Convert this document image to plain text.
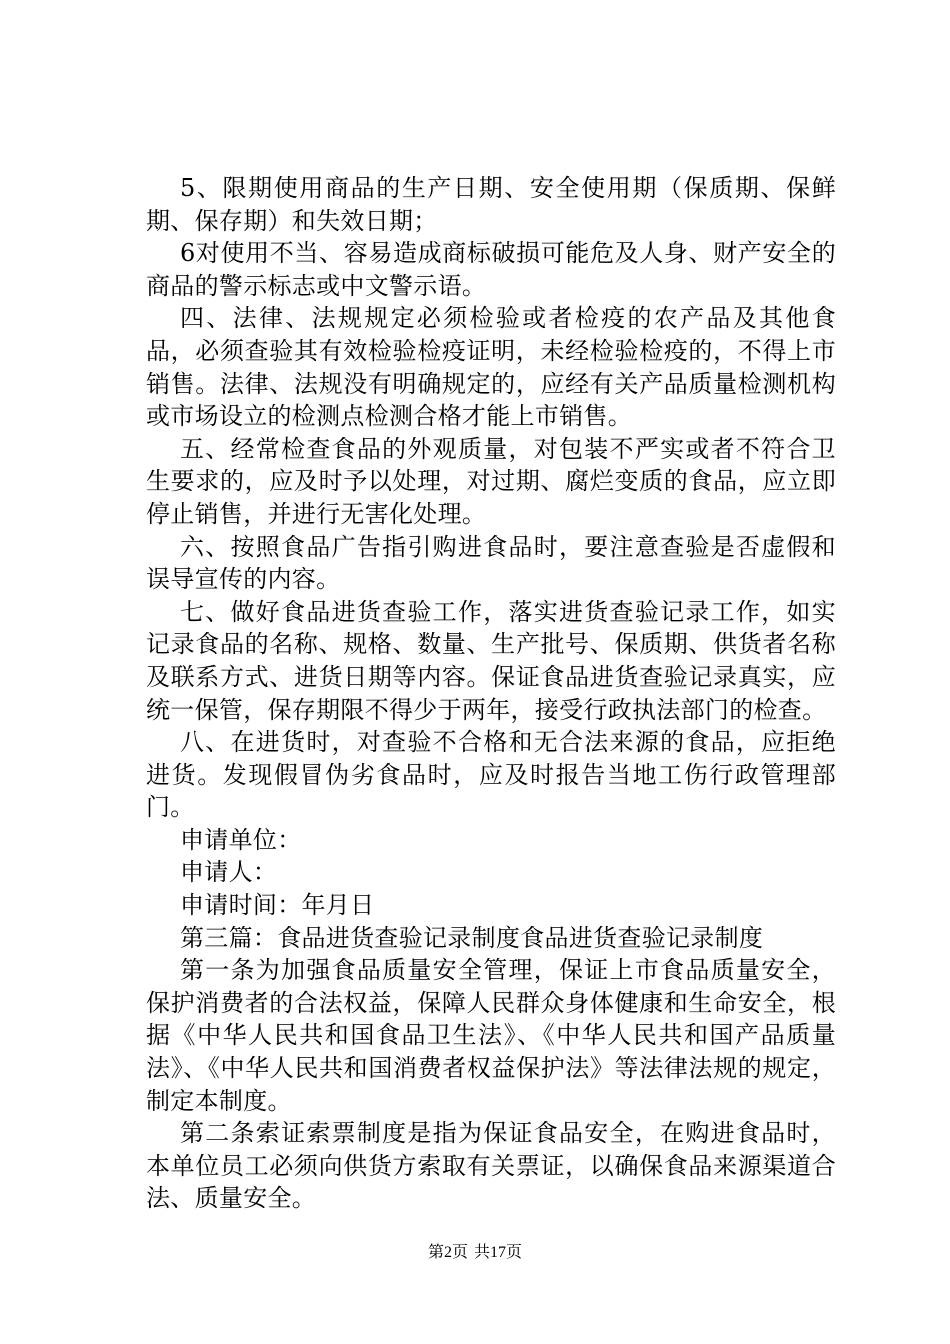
5、限期使用商品的生产日期、安全使用期（保质期、保鲜期、保存期）和失效日期；

6对使用不当、容易造成商标破损可能危及人身、财产安全的商品的警示标志或中文警示语。

四、法律、法规规定必须检验或者检疫的农产品及其他食品，必须查验其有效检验检疫证明，未经检验检疫的，不得上市销售。法律、法规没有明确规定的，应经有关产品质量检测机构或市场设立的检测点检测合格才能上市销售。

五、经常检查食品的外观质量，对包装不严实或者不符合卫生要求的，应及时予以处理，对过期、腐烂变质的食品，应立即停止销售，并进行无害化处理。

六、按照食品广告指引购进食品时，要注意查验是否虚假和误导宣传的内容。

七、做好食品进货查验工作，落实进货查验记录工作，如实记录食品的名称、规格、数量、生产批号、保质期、供货者名称及联系方式、进货日期等内容。保证食品进货查验记录真实，应统一保管，保存期限不得少于两年，接受行政执法部门的检查。

八、在进货时，对查验不合格和无合法来源的食品，应拒绝进货。发现假冒伪劣食品时，应及时报告当地工伤行政管理部门。

申请单位：

申请人：

申请时间：年月日

第三篇：食品进货查验记录制度食品进货查验记录制度

第一条为加强食品质量安全管理，保证上市食品质量安全，保护消费者的合法权益，保障人民群众身体健康和生命安全，根据《中华人民共和国食品卫生法》、《中华人民共和国产品质量法》、《中华人民共和国消费者权益保护法》等法律法规的规定，制定本制度。

第二条索证索票制度是指为保证食品安全，在购进食品时，本单位员工必须向供货方索取有关票证，以确保食品来源渠道合法、质量安全。

第2页 共17页
